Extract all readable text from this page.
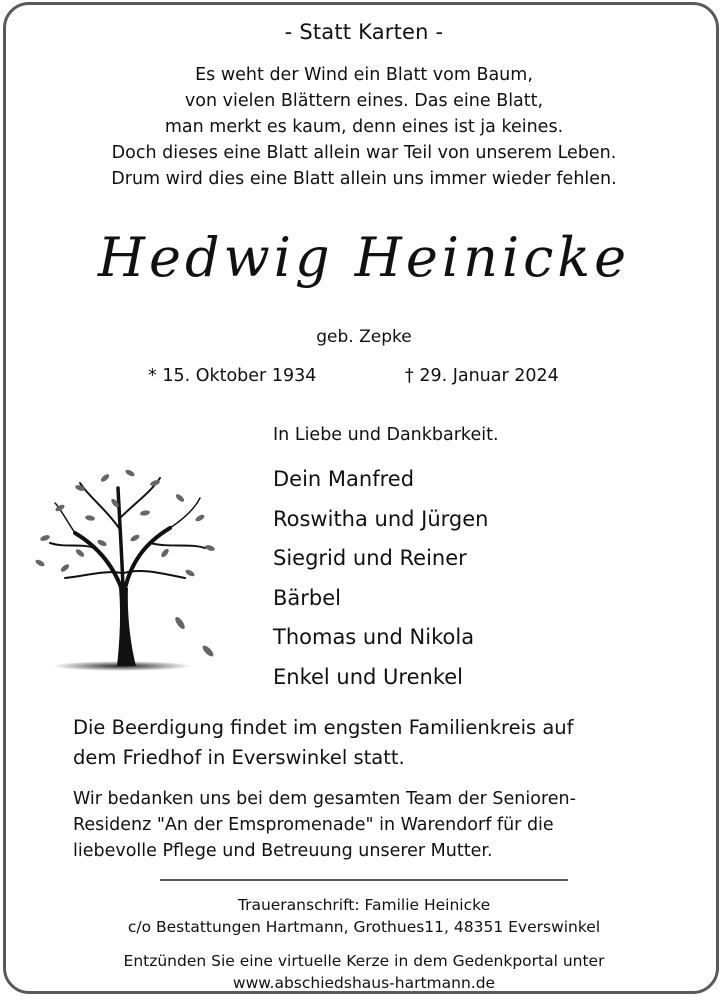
- Statt Karten -
Es weht der Wind ein Blatt vom Baum,
von vielen Blättern eines. Das eine Blatt,
man merkt es kaum, denn eines ist ja keines.
Doch dieses eine Blatt allein war Teil von unserem Leben.
Drum wird dies eine Blatt allein uns immer wieder fehlen.
Hedwig Heinicke
geb. Zepke
* 15. Oktober 1934	† 29. Januar 2024
In Liebe und Dankbarkeit.
Dein Manfred
Roswitha und Jürgen
Siegrid und Reiner
Bärbel
Thomas und Nikola
Enkel und Urenkel
Die Beerdigung findet im engsten Familienkreis auf
dem Friedhof in Everswinkel statt.
Wir bedanken uns bei dem gesamten Team der Senioren-
Residenz "An der Emspromenade" in Warendorf für die
liebevolle Pflege und Betreuung unserer Mutter.
Traueranschrift: Familie Heinicke
c/o Bestattungen Hartmann, Grothues11, 48351 Everswinkel
Entzünden Sie eine virtuelle Kerze in dem Gedenkportal unter
www.abschiedshaus-hartmann.de
